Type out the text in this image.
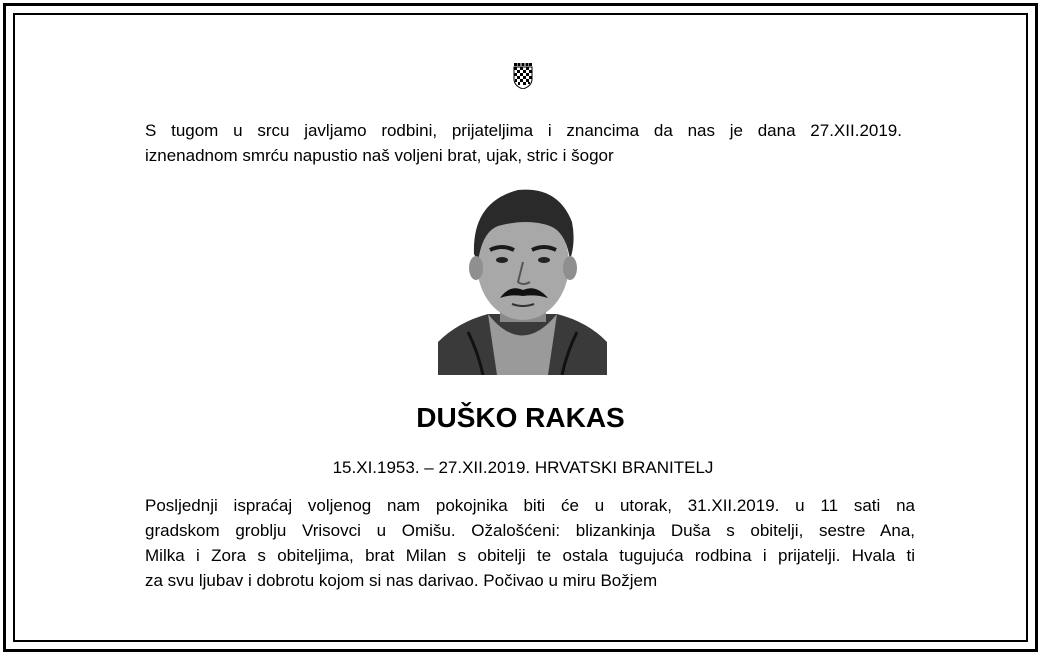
S tugom u srcu javljamo rodbini, prijateljima i znancima da nas je dana 27.XII.2019.
iznenadnom smrću napustio naš voljeni brat, ujak, stric i šogor
DUŠKO RAKAS
15.XI.1953. – 27.XII.2019. HRVATSKI BRANITELJ
Posljednji ispraćaj voljenog nam pokojnika biti će u utorak, 31.XII.2019. u 11 sati na
gradskom groblju Vrisovci u Omišu. Ožalošćeni: blizankinja Duša s obitelji, sestre Ana,
Milka i Zora s obiteljima, brat Milan s obitelji te ostala tugujuća rodbina i prijatelji. Hvala ti
za svu ljubav i dobrotu kojom si nas darivao. Počivao u miru Božjem
